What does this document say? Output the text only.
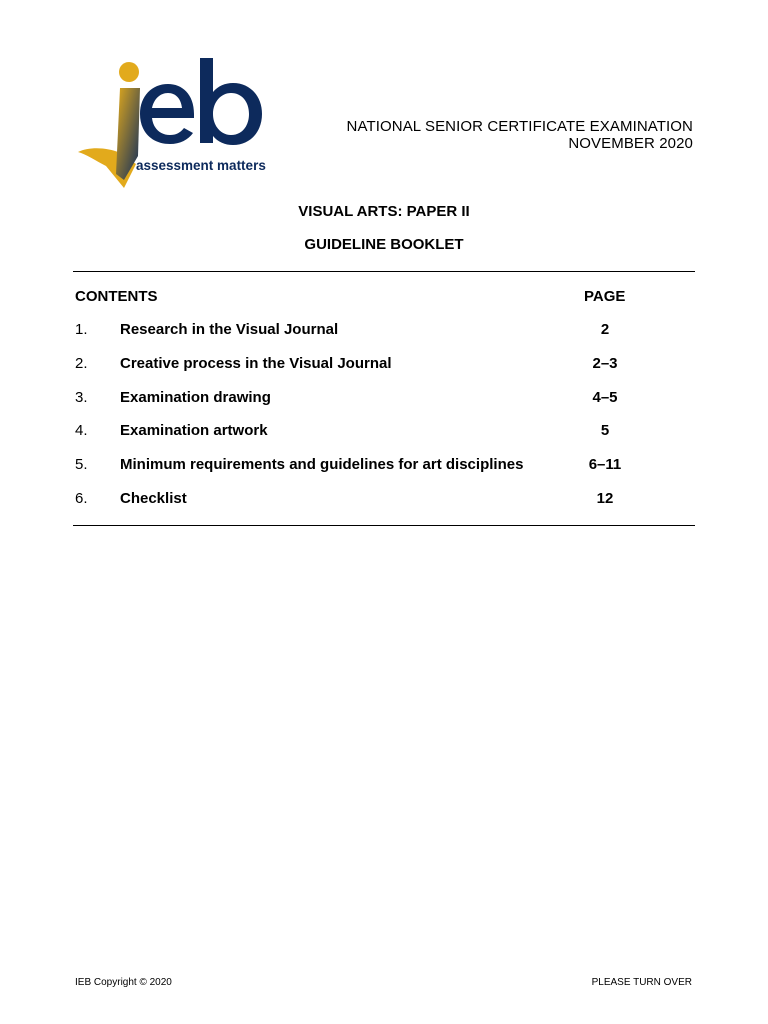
assessment matters
NATIONAL SENIOR CERTIFICATE EXAMINATION
NOVEMBER 2020
VISUAL ARTS: PAPER II
GUIDELINE BOOKLET
CONTENTS	PAGE
1. Research in the Visual Journal	2
2. Creative process in the Visual Journal	2–3
3. Examination drawing	4–5
4. Examination artwork	5
5. Minimum requirements and guidelines for art disciplines	6–11
6. Checklist	12
IEB Copyright © 2020	PLEASE TURN OVER
